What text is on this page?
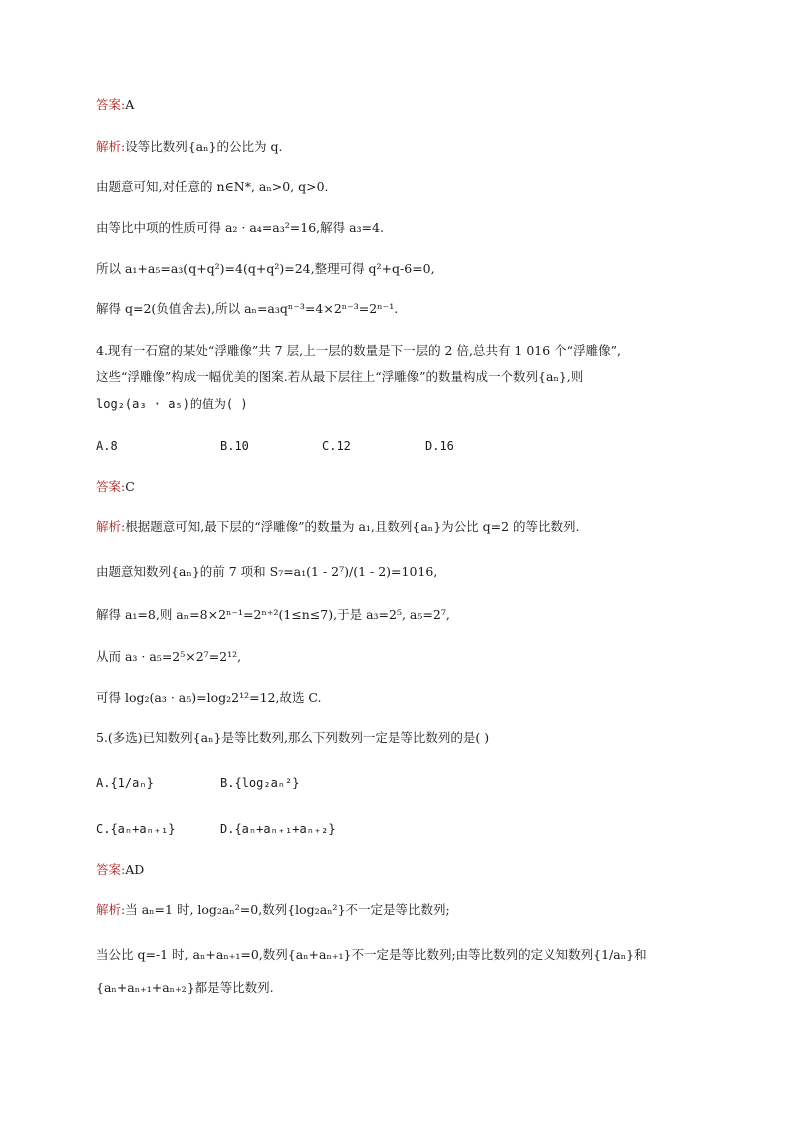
答案:A
解析:设等比数列{aₙ}的公比为 q.
由题意可知,对任意的 n∈N*, aₙ>0, q>0.
由等比中项的性质可得 a₂ · a₄=a₃²=16,解得 a₃=4.
所以 a₁+a₅=a₃(q+q²)=4(q+q²)=24,整理可得 q²+q-6=0,
解得 q=2(负值舍去),所以 aₙ=a₃qⁿ⁻³=4×2ⁿ⁻³=2ⁿ⁻¹.
4.现有一石窟的某处“浮雕像”共 7 层,上一层的数量是下一层的 2 倍,总共有 1 016 个“浮雕像”,
这些“浮雕像”构成一幅优美的图案.若从最下层往上“浮雕像”的数量构成一个数列{aₙ},则
log₂(a₃ · a₅)的值为( )
A.8	B.10	C.12	D.16
答案:C
解析:根据题意可知,最下层的“浮雕像”的数量为 a₁,且数列{aₙ}为公比 q=2 的等比数列.
由题意知数列{aₙ}的前 7 项和 S₇=a₁(1 - 2⁷)/(1 - 2)=1016,
解得 a₁=8,则 aₙ=8×2ⁿ⁻¹=2ⁿ⁺²(1≤n≤7),于是 a₃=2⁵, a₅=2⁷,
从而 a₃ · a₅=2⁵×2⁷=2¹²,
可得 log₂(a₃ · a₅)=log₂2¹²=12,故选 C.
5.(多选)已知数列{aₙ}是等比数列,那么下列数列一定是等比数列的是( )
A.{1/aₙ}	B.{log₂aₙ²}
C.{aₙ+aₙ₊₁}	D.{aₙ+aₙ₊₁+aₙ₊₂}
答案:AD
解析:当 aₙ=1 时, log₂aₙ²=0,数列{log₂aₙ²}不一定是等比数列;
当公比 q=-1 时, aₙ+aₙ₊₁=0,数列{aₙ+aₙ₊₁}不一定是等比数列;由等比数列的定义知数列{1/aₙ}和
{aₙ+aₙ₊₁+aₙ₊₂}都是等比数列.
